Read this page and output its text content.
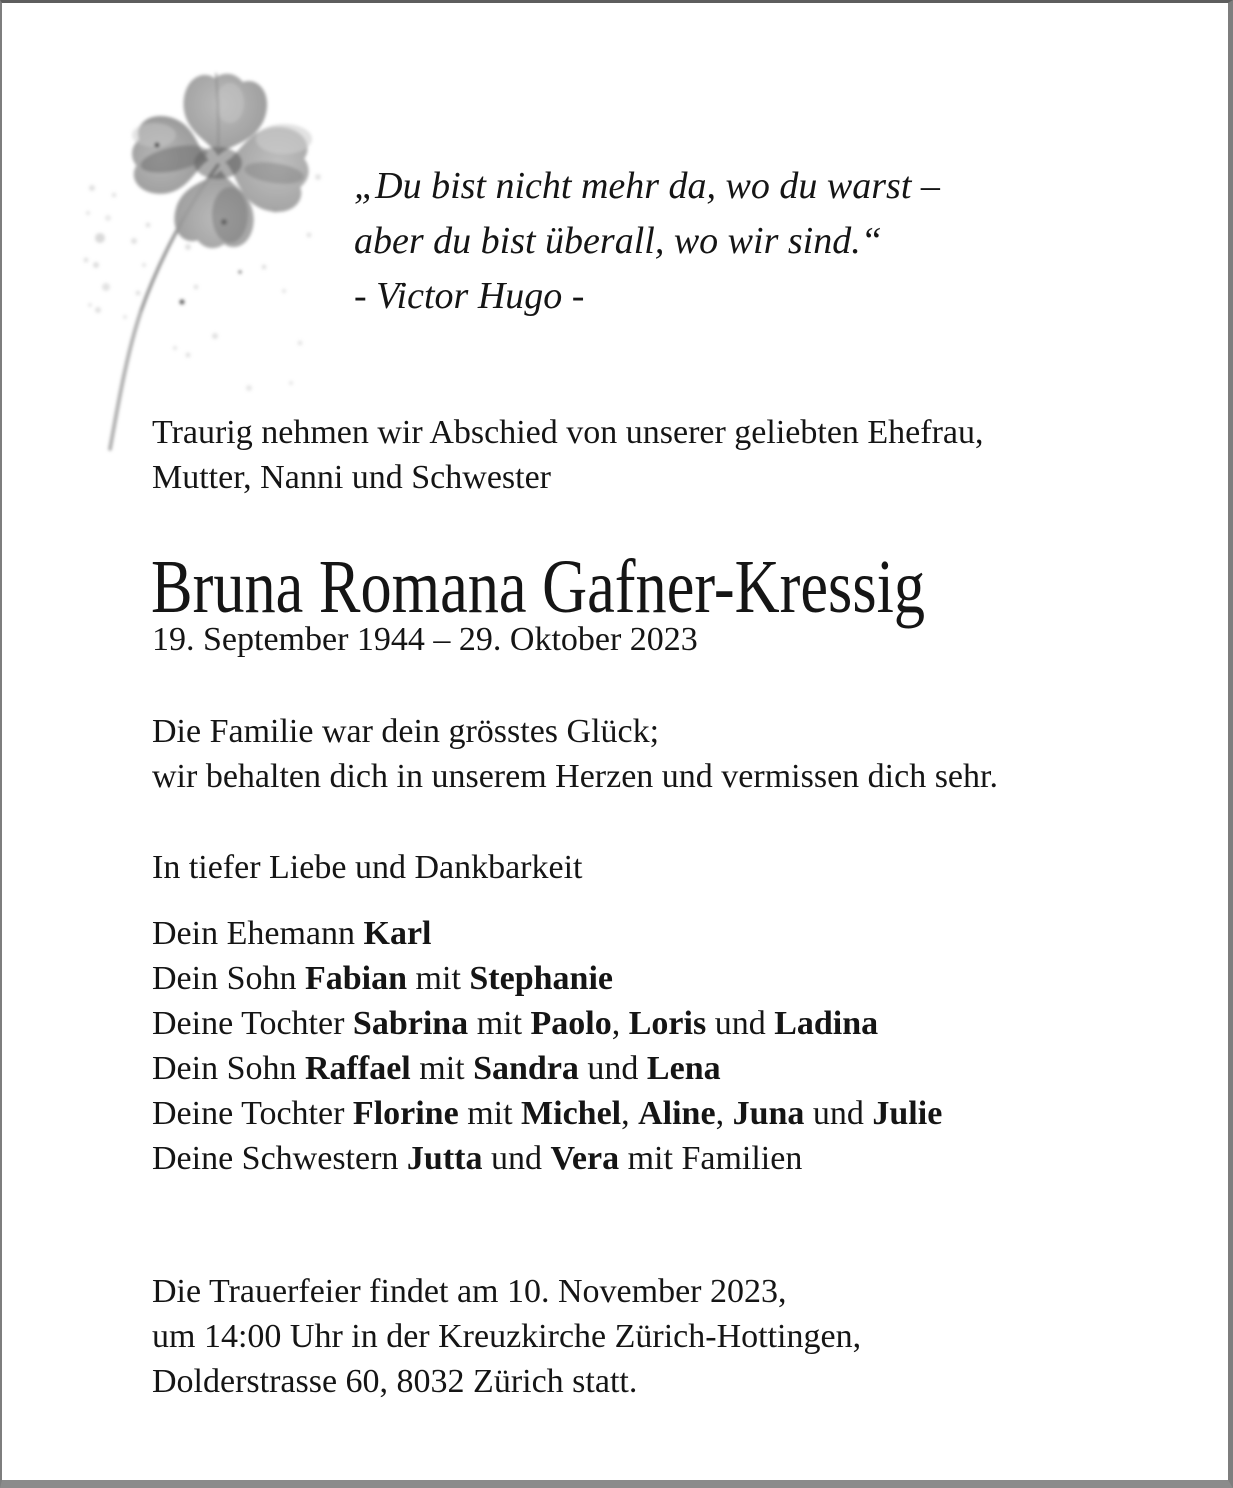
„Du bist nicht mehr da, wo du warst –
aber du bist überall, wo wir sind.“
- Victor Hugo -
Traurig nehmen wir Abschied von unserer geliebten Ehefrau,
Mutter, Nanni und Schwester
Bruna Romana Gafner-Kressig
19. September 1944 – 29. Oktober 2023
Die Familie war dein grösstes Glück;
wir behalten dich in unserem Herzen und vermissen dich sehr.
In tiefer Liebe und Dankbarkeit
Dein Ehemann Karl
Dein Sohn Fabian mit Stephanie
Deine Tochter Sabrina mit Paolo, Loris und Ladina
Dein Sohn Raffael mit Sandra und Lena
Deine Tochter Florine mit Michel, Aline, Juna und Julie
Deine Schwestern Jutta und Vera mit Familien
Die Trauerfeier findet am 10. November 2023,
um 14:00 Uhr in der Kreuzkirche Zürich-Hottingen,
Dolderstrasse 60, 8032 Zürich statt.
